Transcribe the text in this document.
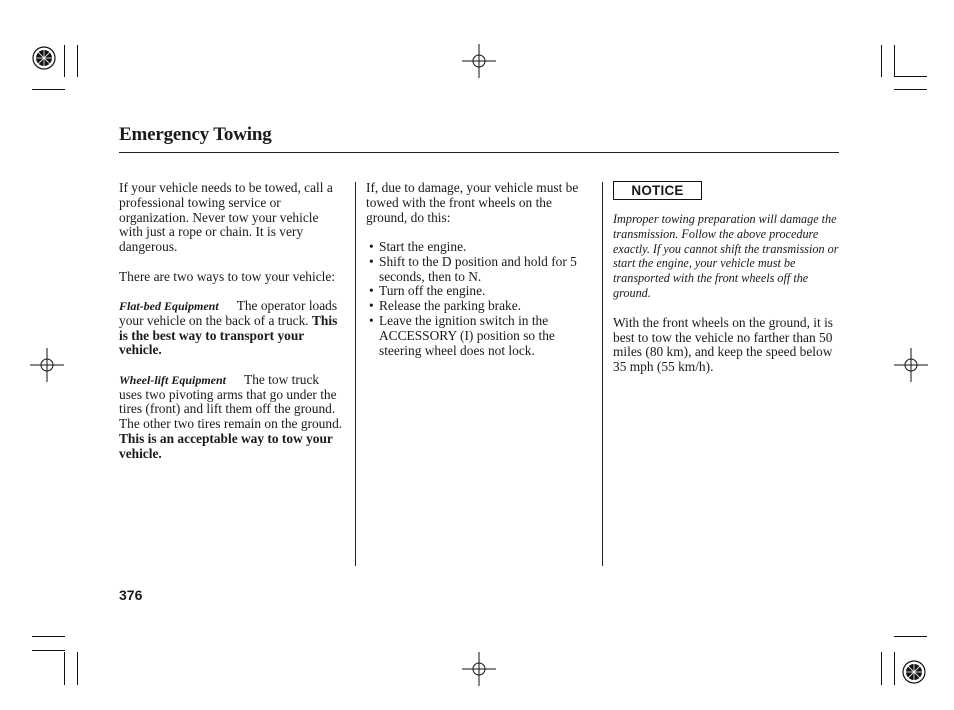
Emergency Towing

If your vehicle needs to be towed, call a professional towing service or organization. Never tow your vehicle with just a rope or chain. It is very dangerous.

There are two ways to tow your vehicle:

Flat-bed Equipment The operator loads your vehicle on the back of a truck. This is the best way to transport your vehicle.

Wheel-lift Equipment The tow truck uses two pivoting arms that go under the tires (front) and lift them off the ground. The other two tires remain on the ground. This is an acceptable way to tow your vehicle.

If, due to damage, your vehicle must be towed with the front wheels on the ground, do this:

• Start the engine.
• Shift to the D position and hold for 5 seconds, then to N.
• Turn off the engine.
• Release the parking brake.
• Leave the ignition switch in the ACCESSORY (I) position so the steering wheel does not lock.
NOTICE

Improper towing preparation will damage the transmission. Follow the above procedure exactly. If you cannot shift the transmission or start the engine, your vehicle must be transported with the front wheels off the ground.

With the front wheels on the ground, it is best to tow the vehicle no farther than 50 miles (80 km), and keep the speed below 35 mph (55 km/h).

376
